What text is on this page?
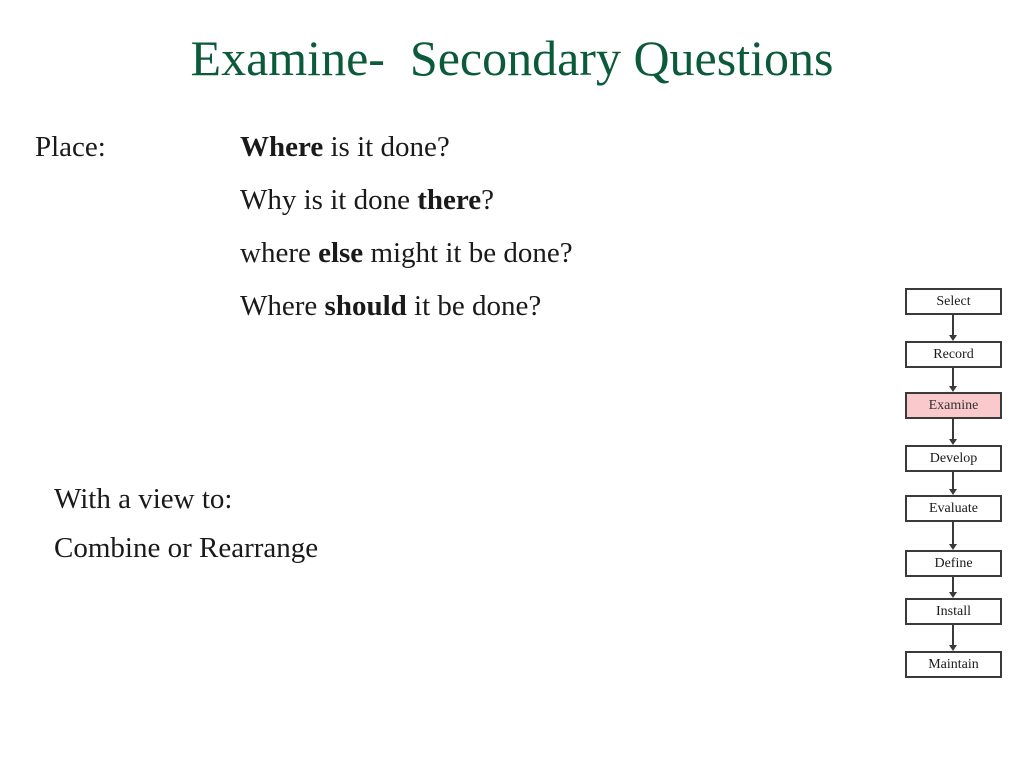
Examine-  Secondary Questions
Place:	Where is it done?
Why is it done there?
where else might it be done?
Where should it be done?
With a view to:
Combine or Rearrange
Select
Record
Examine
Develop
Evaluate
Define
Install
Maintain
